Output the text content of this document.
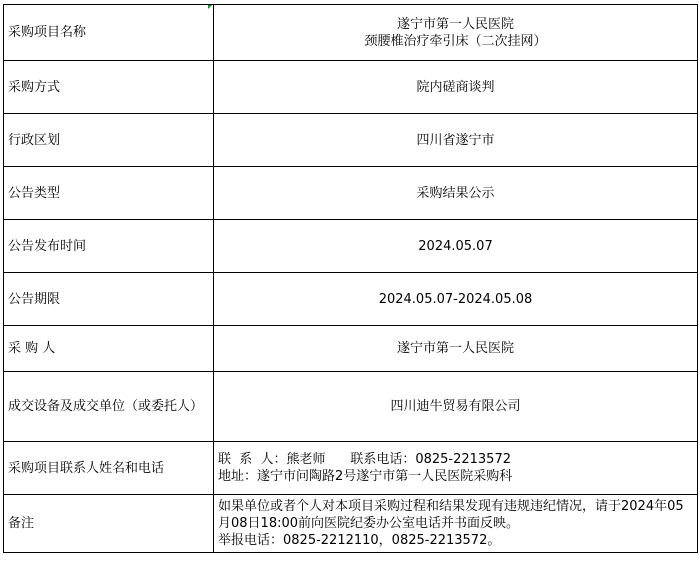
采购项目名称	遂宁市第一人民医院
颈腰椎治疗牵引床（二次挂网）

采购方式	院内磋商谈判
行政区划	四川省遂宁市
公告类型	采购结果公示
公告发布时间	2024.05.07
公告期限	2024.05.07-2024.05.08
采 购 人	遂宁市第一人民医院
成交设备及成交单位（或委托人）	四川迪牛贸易有限公司
采购项目联系人姓名和电话	联  系  人：熊老师      联系电话：0825-2213572
地址：遂宁市问陶路2号遂宁市第一人民医院采购科

备注	如果单位或者个人对本项目采购过程和结果发现有违规违纪情况，请于2024年05月08日18:00前向医院纪委办公室电话并书面反映。
举报电话：0825-2212110，0825-2213572。
